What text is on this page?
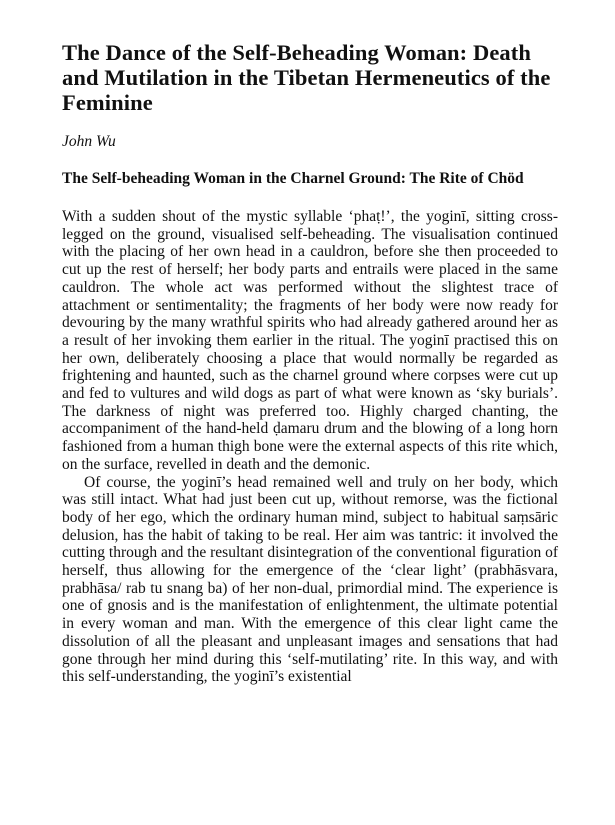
The Dance of the Self-Beheading Woman: Death and Mutilation in the Tibetan Hermeneutics of the Feminine
John Wu
The Self-beheading Woman in the Charnel Ground: The Rite of Chöd

With a sudden shout of the mystic syllable ‘phaṭ!’, the yoginī, sitting cross-legged on the ground, visualised self-beheading. The visualisation continued with the placing of her own head in a cauldron, before she then proceeded to cut up the rest of herself; her body parts and entrails were placed in the same cauldron. The whole act was performed without the slightest trace of attachment or sentimentality; the fragments of her body were now ready for devouring by the many wrathful spirits who had already gathered around her as a result of her invoking them earlier in the ritual. The yoginī practised this on her own, deliberately choosing a place that would normally be regarded as frightening and haunted, such as the charnel ground where corpses were cut up and fed to vultures and wild dogs as part of what were known as ‘sky burials’. The darkness of night was preferred too. Highly charged chanting, the accompaniment of the hand-held ḍamaru drum and the blowing of a long horn fashioned from a human thigh bone were the external aspects of this rite which, on the surface, revelled in death and the demonic.

Of course, the yoginī’s head remained well and truly on her body, which was still intact. What had just been cut up, without remorse, was the fictional body of her ego, which the ordinary human mind, subject to habitual saṃsāric delusion, has the habit of taking to be real. Her aim was tantric: it involved the cutting through and the resultant disintegration of the conventional figuration of herself, thus allowing for the emergence of the ‘clear light’ (prabhāsvara, prabhāsa/ rab tu snang ba) of her non-dual, primordial mind. The experience is one of gnosis and is the manifestation of enlightenment, the ultimate potential in every woman and man. With the emergence of this clear light came the dissolution of all the pleasant and unpleasant images and sensations that had gone through her mind during this ‘self-mutilating’ rite. In this way, and with this self-understanding, the yoginī’s existential
